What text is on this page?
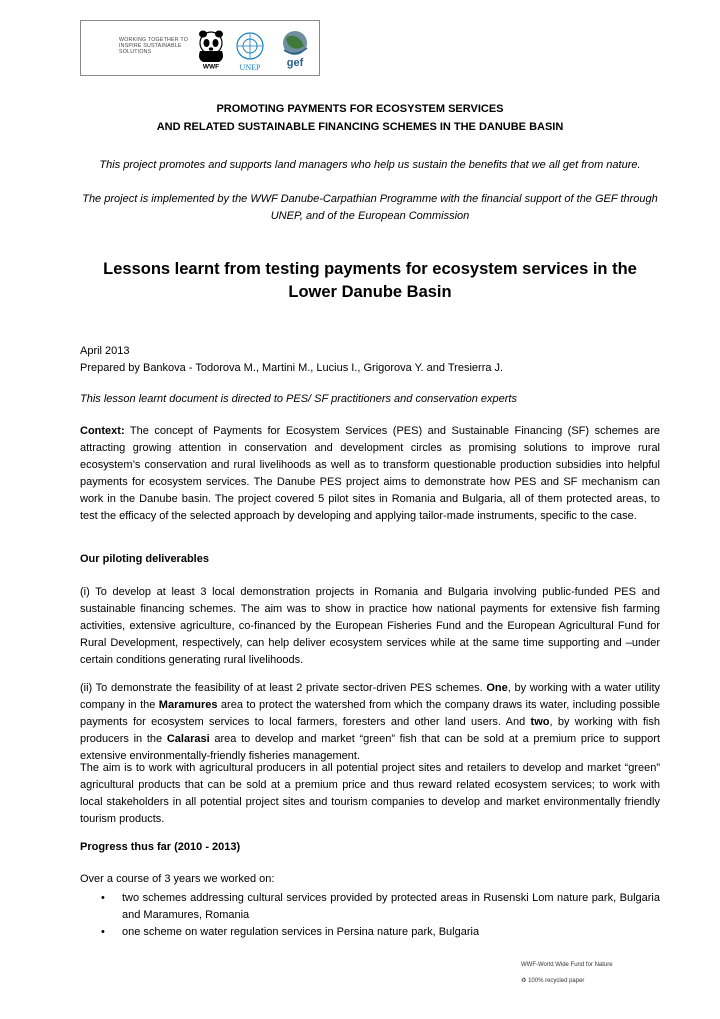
WORKING TOGETHER TO
INSPIRE SUSTAINABLE
SOLUTIONS
WWF	UNEP gef
PROMOTING PAYMENTS FOR ECOSYSTEM SERVICES
AND RELATED SUSTAINABLE FINANCING SCHEMES IN THE DANUBE BASIN
This project promotes and supports land managers who help us sustain the benefits that we all get from nature.
The project is implemented by the WWF Danube-Carpathian Programme with the financial support of the GEF through UNEP, and of the European Commission
Lessons learnt from testing payments for ecosystem services in the Lower Danube Basin
April 2013
Prepared by Bankova - Todorova M., Martini M., Lucius I., Grigorova Y. and Tresierra J.
This lesson learnt document is directed to PES/ SF practitioners and conservation experts
Context: The concept of Payments for Ecosystem Services (PES) and Sustainable Financing (SF) schemes are attracting growing attention in conservation and development circles as promising solutions to improve rural ecosystem’s conservation and rural livelihoods as well as to transform questionable production subsidies into helpful payments for ecosystem services. The Danube PES project aims to demonstrate how PES and SF mechanism can work in the Danube basin. The project covered 5 pilot sites in Romania and Bulgaria, all of them protected areas, to test the efficacy of the selected approach by developing and applying tailor-made instruments, specific to the case.
Our piloting deliverables
(i) To develop at least 3 local demonstration projects in Romania and Bulgaria involving public-funded PES and sustainable financing schemes. The aim was to show in practice how national payments for extensive fish farming activities, extensive agriculture, co-financed by the European Fisheries Fund and the European Agricultural Fund for Rural Development, respectively, can help deliver ecosystem services while at the same time supporting and –under certain conditions generating rural livelihoods.
(ii) To demonstrate the feasibility of at least 2 private sector-driven PES schemes. One, by working with a water utility company in the Maramures area to protect the watershed from which the company draws its water, including possible payments for ecosystem services to local farmers, foresters and other land users. And two, by working with fish producers in the Calarasi area to develop and market “green” fish that can be sold at a premium price to support extensive environmentally-friendly fisheries management.
The aim is to work with agricultural producers in all potential project sites and retailers to develop and market “green” agricultural products that can be sold at a premium price and thus reward related ecosystem services; to work with local stakeholders in all potential project sites and tourism companies to develop and market environmentally friendly tourism products.
Progress thus far (2010 - 2013)
Over a course of 3 years we worked on:
• two schemes addressing cultural services provided by protected areas in Rusenski Lom nature park, Bulgaria and Maramures, Romania
• one scheme on water regulation services in Persina nature park, Bulgaria
WWF-World Wide Fund for Nature
♻ 100% recycled paper
